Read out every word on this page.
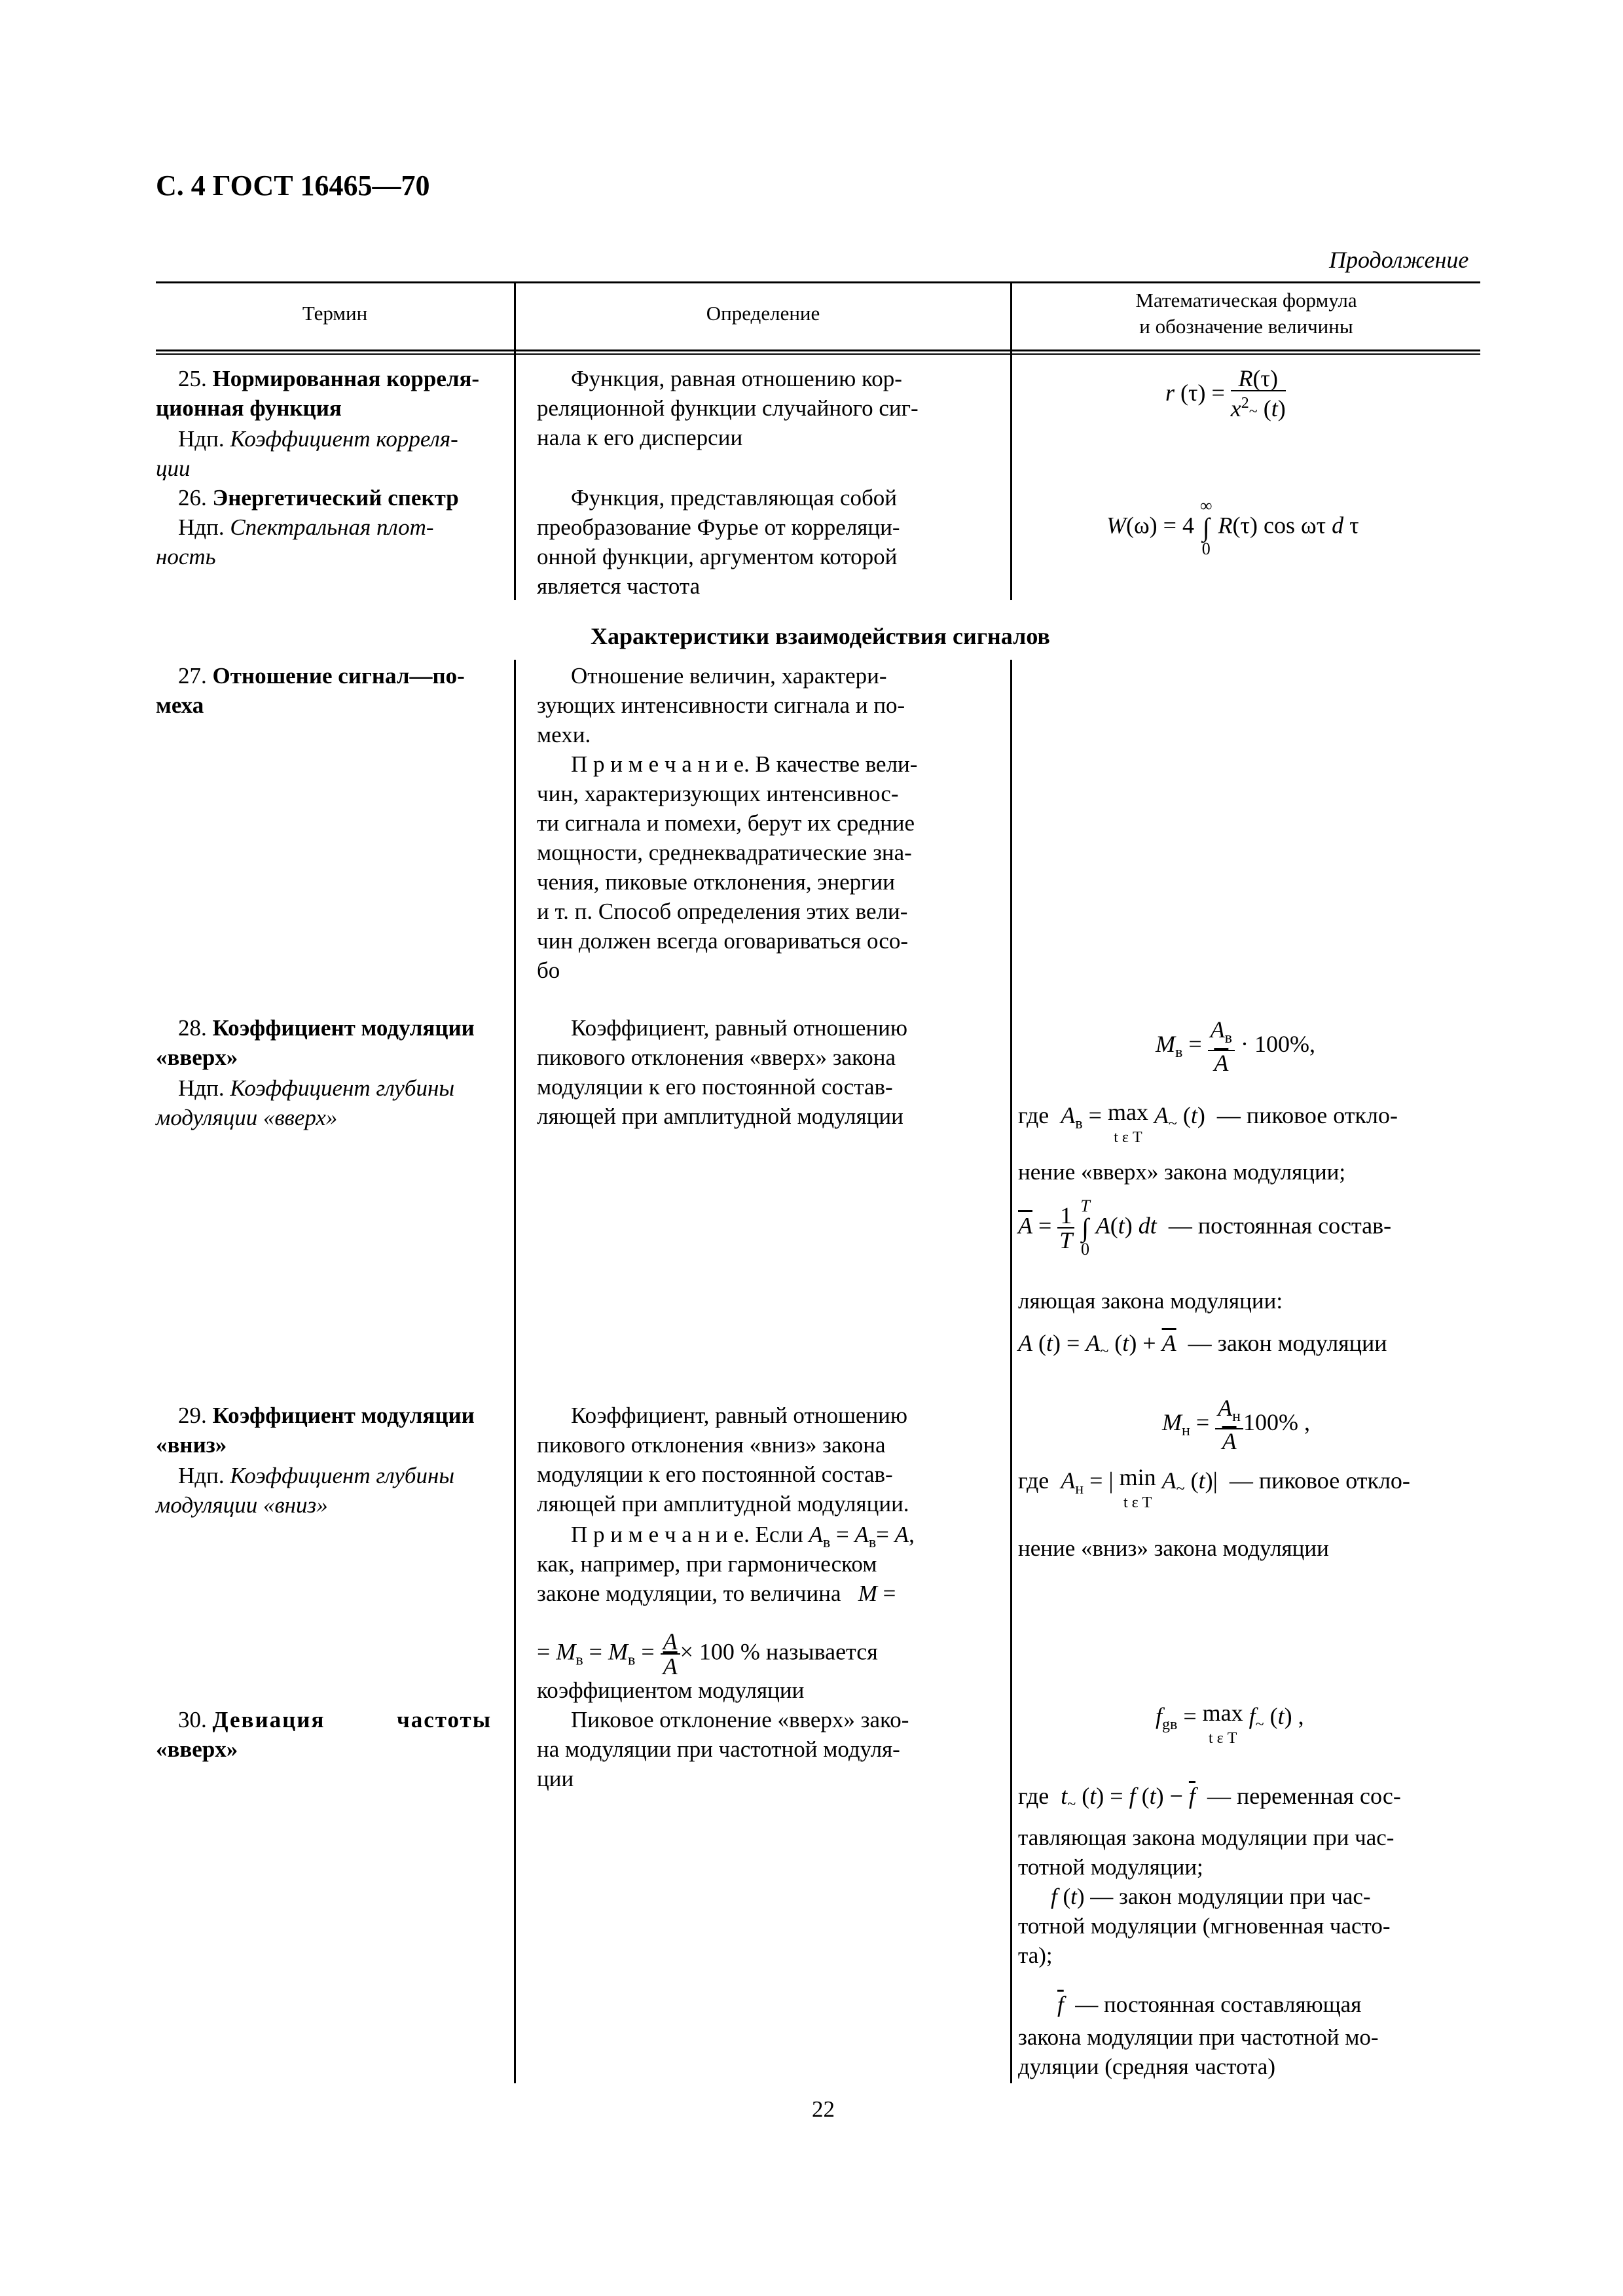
С. 4 ГОСТ 16465—70
Продолжение
Термин	Определение
Математическая формула
и обозначение величины
25. Нормированная корреля-
ционная функция
Ндп. Коэффициент корреля-
ции
Функция, равная отношению кор-
реляционной функции случайного сиг-
нала к его дисперсии
r $(\tau) = \frac{R(\tau)}{x^2\sim (t)}$
26. Энергетический спектр
Ндп. Спектральная плот-
ность
Функция, представляющая собой
преобразование Фурье от корреляци-
онной функции, аргументом которой
является частота
W(ω) = 4 ∞
∫
0 R(τ) cos ωτ d τ
Характеристики взаимодействия сигналов
27. Отношение сигнал—по-
меха
Отношение величин, характери-
зующих интенсивности сигнала и по-
мехи.
П р и м е ч а н и е. В качестве вели-
чин, характеризующих интенсивнос-
ти сигнала и помехи, берут их средние
мощности, среднеквадратические зна-
чения, пиковые отклонения, энергии
и т. п. Способ определения этих вели-
чин должен всегда оговариваться осо-
бо
28. Коэффициент модуляции
«вверх»
Ндп. Коэффициент глубины
модуляции «вверх»
Коэффициент, равный отношению
пикового отклонения «вверх» закона
модуляции к его постоянной состав-
ляющей при амплитудной модуляции
$M_в = \frac{A_в}{A} \cdot 100\%$,
где $A_в = \max$
t ε T $A_\sim$ (t)  — пиковое откло-
нение «вверх» закона модуляции;
$\overline{A} = \frac{1}{T}$ T
∫
0 A(t) dt — постоянная состав-
ляющая закона модуляции:
A $(t) = A_\sim$ $(t) + \overline{A}$ — закон модуляции
29. Коэффициент модуляции
«вниз»
Ндп. Коэффициент глубины
модуляции «вниз»
Коэффициент, равный отношению
пикового отклонения «вниз» закона
модуляции к его постоянной состав-
ляющей при амплитудной модуляции.
П р и м е ч а н и е. Если $A_в = A_в= A$,
как, например, при гармоническом
законе модуляции, то величина M =
= $M_в = M_в = \frac{A}{A} \times 100$ % называется
коэффициентом модуляции
$M_н = \frac{A_н}{A} 100\%$ ,
где $A_н$ = | min
t ε T $A_\sim$ (t)|  — пиковое откло-
нение «вниз» закона модуляции
30. Девиация	частоты
«вверх»
Пиковое отклонение «вверх» зако-
на модуляции при частотной модуля-
ции
$f_{gв} = \max$
t ε T $f_\sim$ (t) ,
где $t_\sim$ (t) = f $(t) - \overline{f}$ — переменная сос-
тавляющая закона модуляции при час-
тотной модуляции;
f (t) — закон модуляции при час-
тотной модуляции (мгновенная часто-
та);
$\overline{f}$ — постоянная составляющая
закона модуляции при частотной мо-
дуляции (средняя частота)
22
